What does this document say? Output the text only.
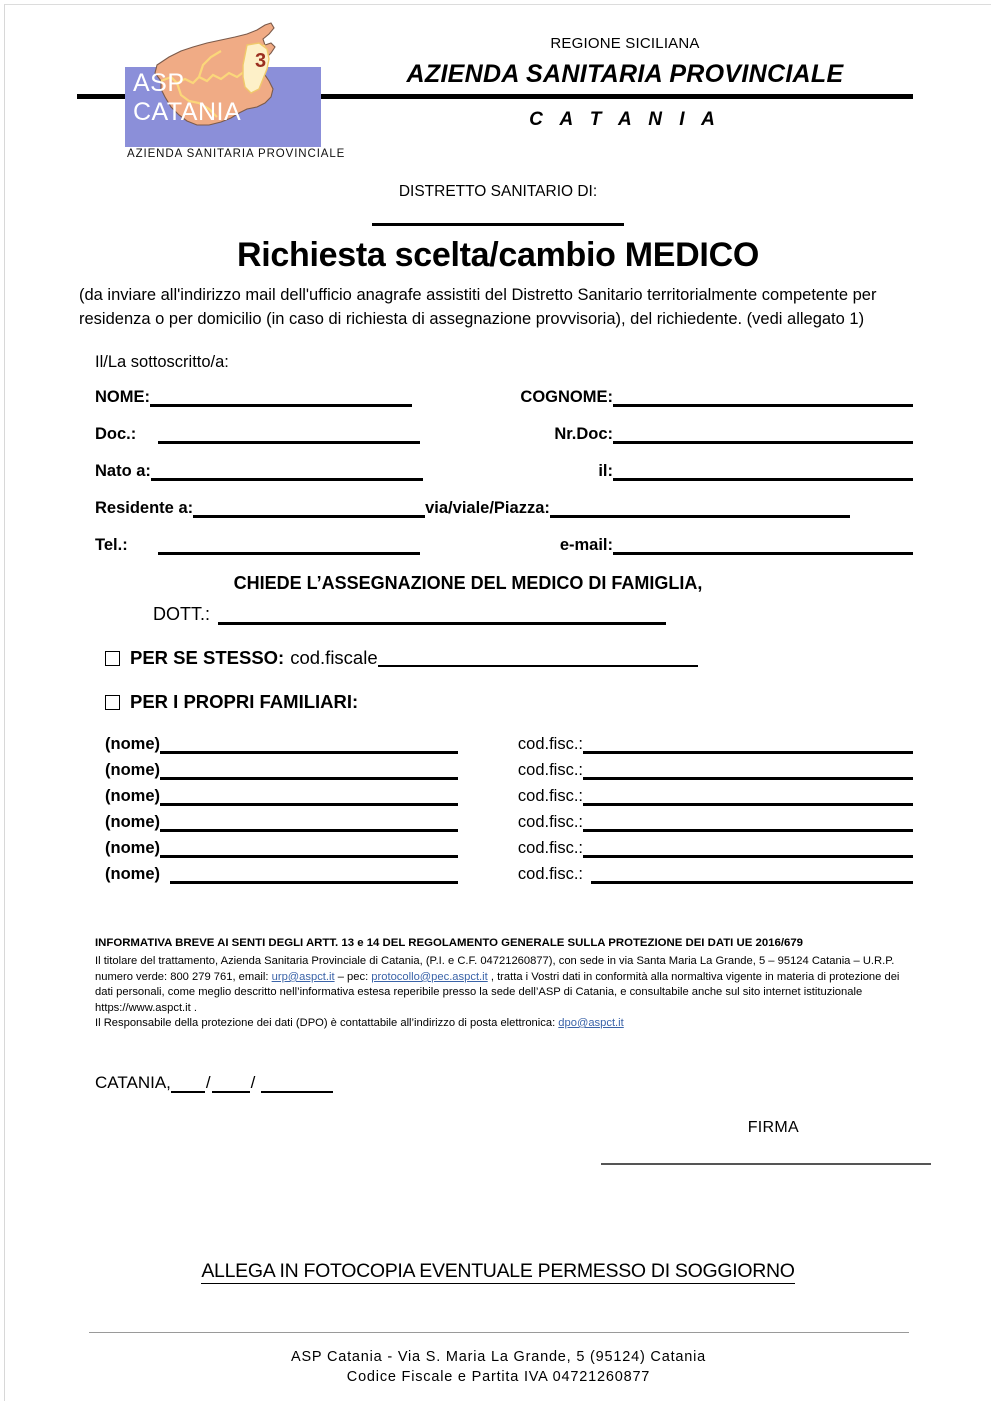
3
ASP
CATANIA
AZIENDA SANITARIA PROVINCIALE
REGIONE SICILIANA
AZIENDA SANITARIA PROVINCIALE
C A T A N I A
DISTRETTO SANITARIO DI:
Richiesta scelta/cambio MEDICO
(da inviare all'indirizzo mail dell'ufficio anagrafe assistiti del Distretto Sanitario territorialmente competente per residenza o per domicilio (in caso di richiesta di assegnazione provvisoria), del richiedente. (vedi allegato 1)
Il/La sottoscritto/a:
NOME:	COGNOME:
Doc.:	Nr.Doc:
Nato a:	il:
Residente a:	via/viale/Piazza:
Tel.:	e-mail:
CHIEDE L’ASSEGNAZIONE DEL MEDICO DI FAMIGLIA,
DOTT.:
PER SE STESSO: cod.fiscale
PER I PROPRI FAMILIARI:
(nome)	cod.fisc.:
(nome)	cod.fisc.:
(nome)	cod.fisc.:
(nome)	cod.fisc.:
(nome)	cod.fisc.:
(nome)	cod.fisc.:
INFORMATIVA BREVE AI SENTI DEGLI ARTT. 13 e 14 DEL REGOLAMENTO GENERALE SULLA PROTEZIONE DEI DATI UE 2016/679
Il titolare del trattamento, Azienda Sanitaria Provinciale di Catania, (P.I. e C.F. 04721260877), con sede in via Santa Maria La Grande, 5 – 95124 Catania – U.R.P. numero verde: 800 279 761, email: urp@aspct.it – pec: protocollo@pec.aspct.it , tratta i Vostri dati in conformità alla normaltiva vigente in materia di protezione dei dati personali, come meglio descritto nell’informativa estesa reperibile presso la sede dell’ASP di Catania, e consultabile anche sul sito internet istituzionale https://www.aspct.it .
Il Responsabile della protezione dei dati (DPO) è contattabile all’indirizzo di posta elettronica: dpo@aspct.it
CATANIA, / /
FIRMA
ALLEGA IN FOTOCOPIA EVENTUALE PERMESSO DI SOGGIORNO
ASP Catania - Via S. Maria La Grande, 5 (95124) Catania
Codice Fiscale e Partita IVA 04721260877
